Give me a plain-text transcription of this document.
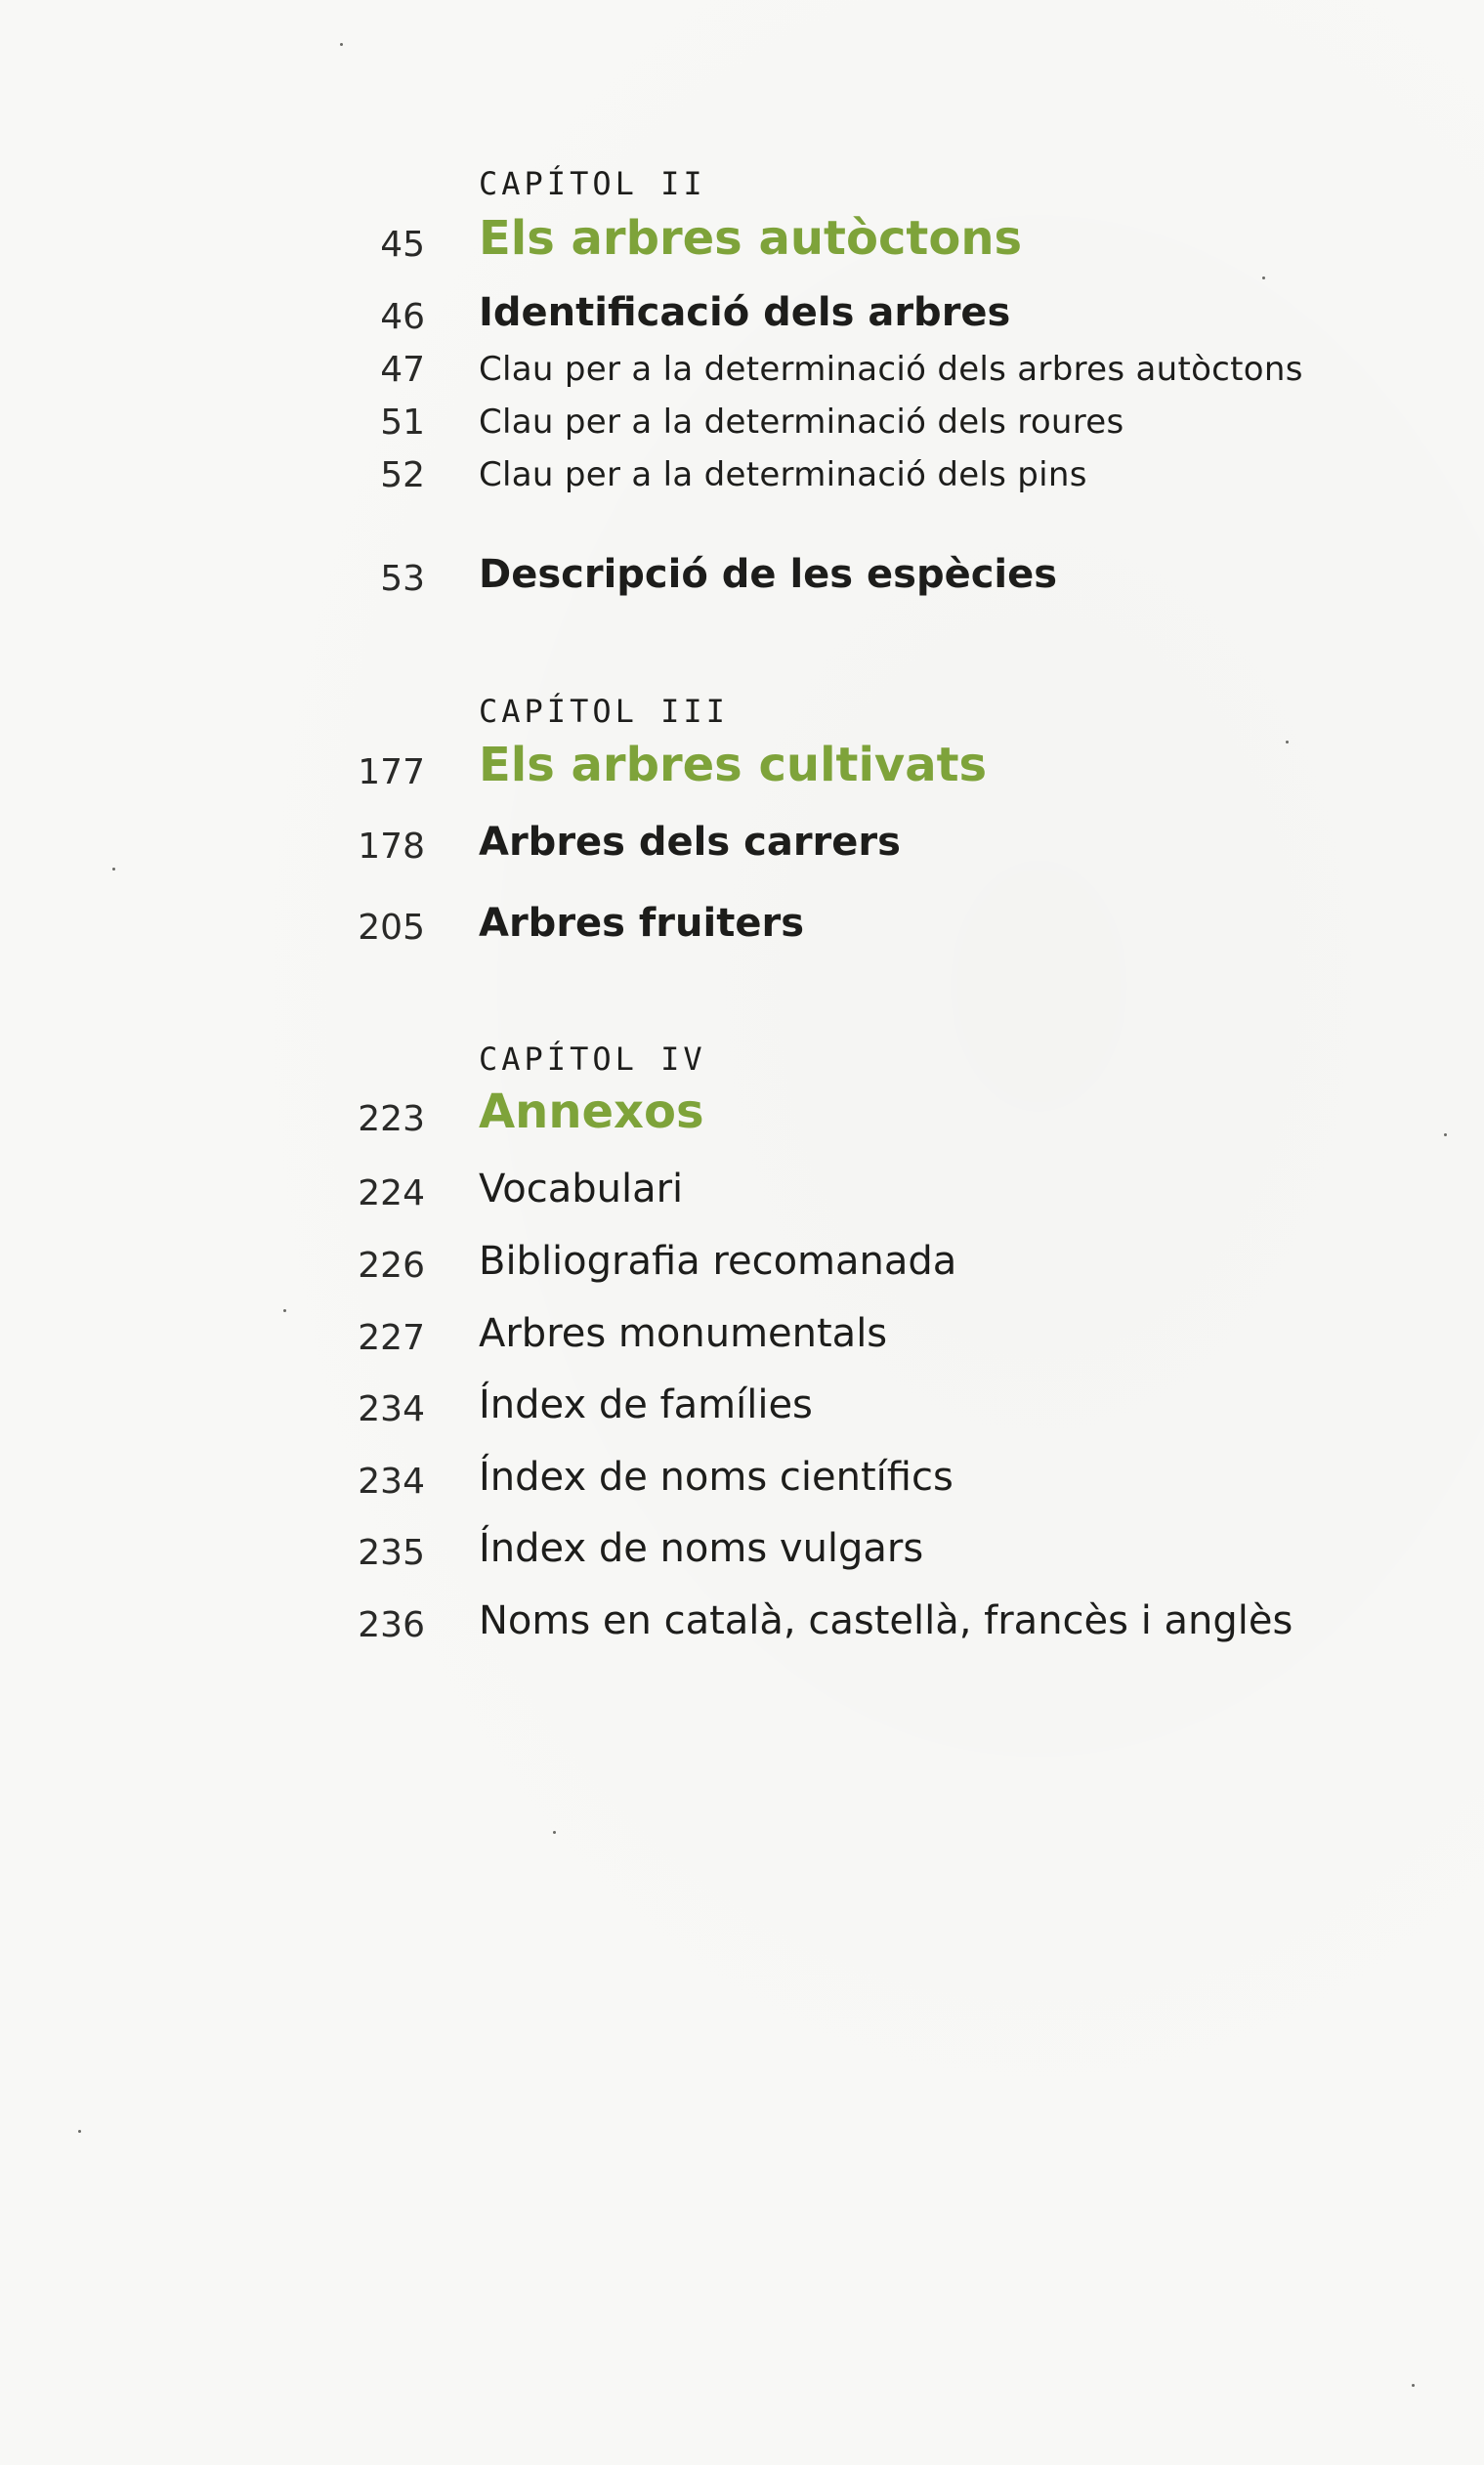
CAPÍTOL II
45 Els arbres autòctons
46 Identificació dels arbres
47 Clau per a la determinació dels arbres autòctons
51 Clau per a la determinació dels roures
52 Clau per a la determinació dels pins
53 Descripció de les espècies
CAPÍTOL III
177 Els arbres cultivats
178 Arbres dels carrers
205 Arbres fruiters
CAPÍTOL IV
223 Annexos
224 Vocabulari
226 Bibliografia recomanada
227 Arbres monumentals
234 Índex de famílies
234 Índex de noms científics
235 Índex de noms vulgars
236 Noms en català, castellà, francès i anglès
